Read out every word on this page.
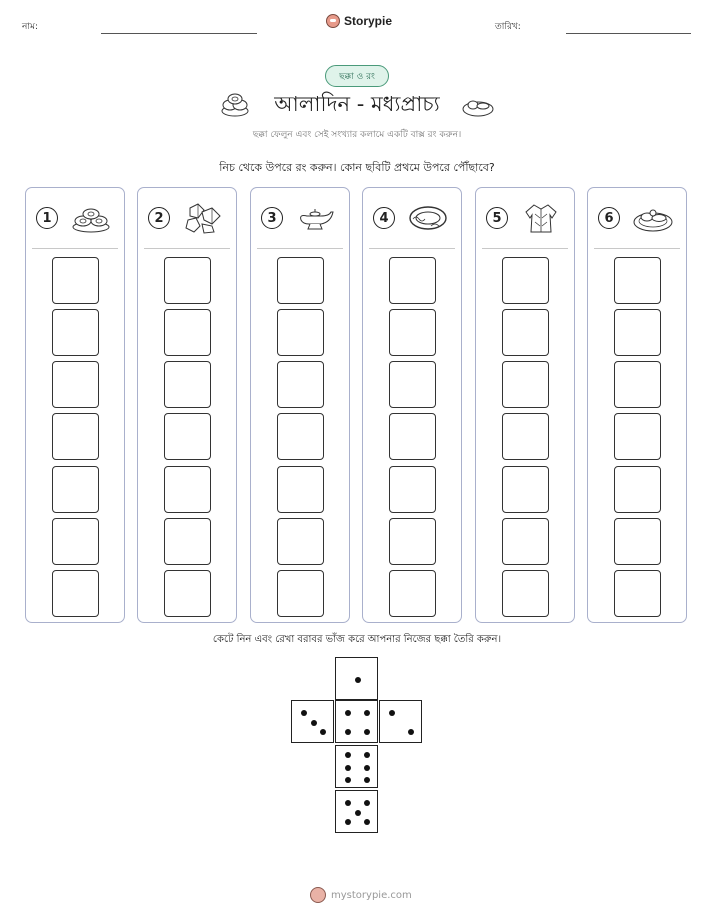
নাম:	Storypie	তারিখ:
ছক্কা ও রং
আলাদিন - মধ্যপ্রাচ্য
ছক্কা ফেলুন এবং সেই সংখ্যার কলামে একটি বাক্স রং করুন।
নিচ থেকে উপরে রং করুন। কোন ছবিটি প্রথমে উপরে পৌঁছাবে?
1	2	3	4	5	6
কেটে নিন এবং রেখা বরাবর ভাঁজ করে আপনার নিজের ছক্কা তৈরি করুন।
mystorypie.com
